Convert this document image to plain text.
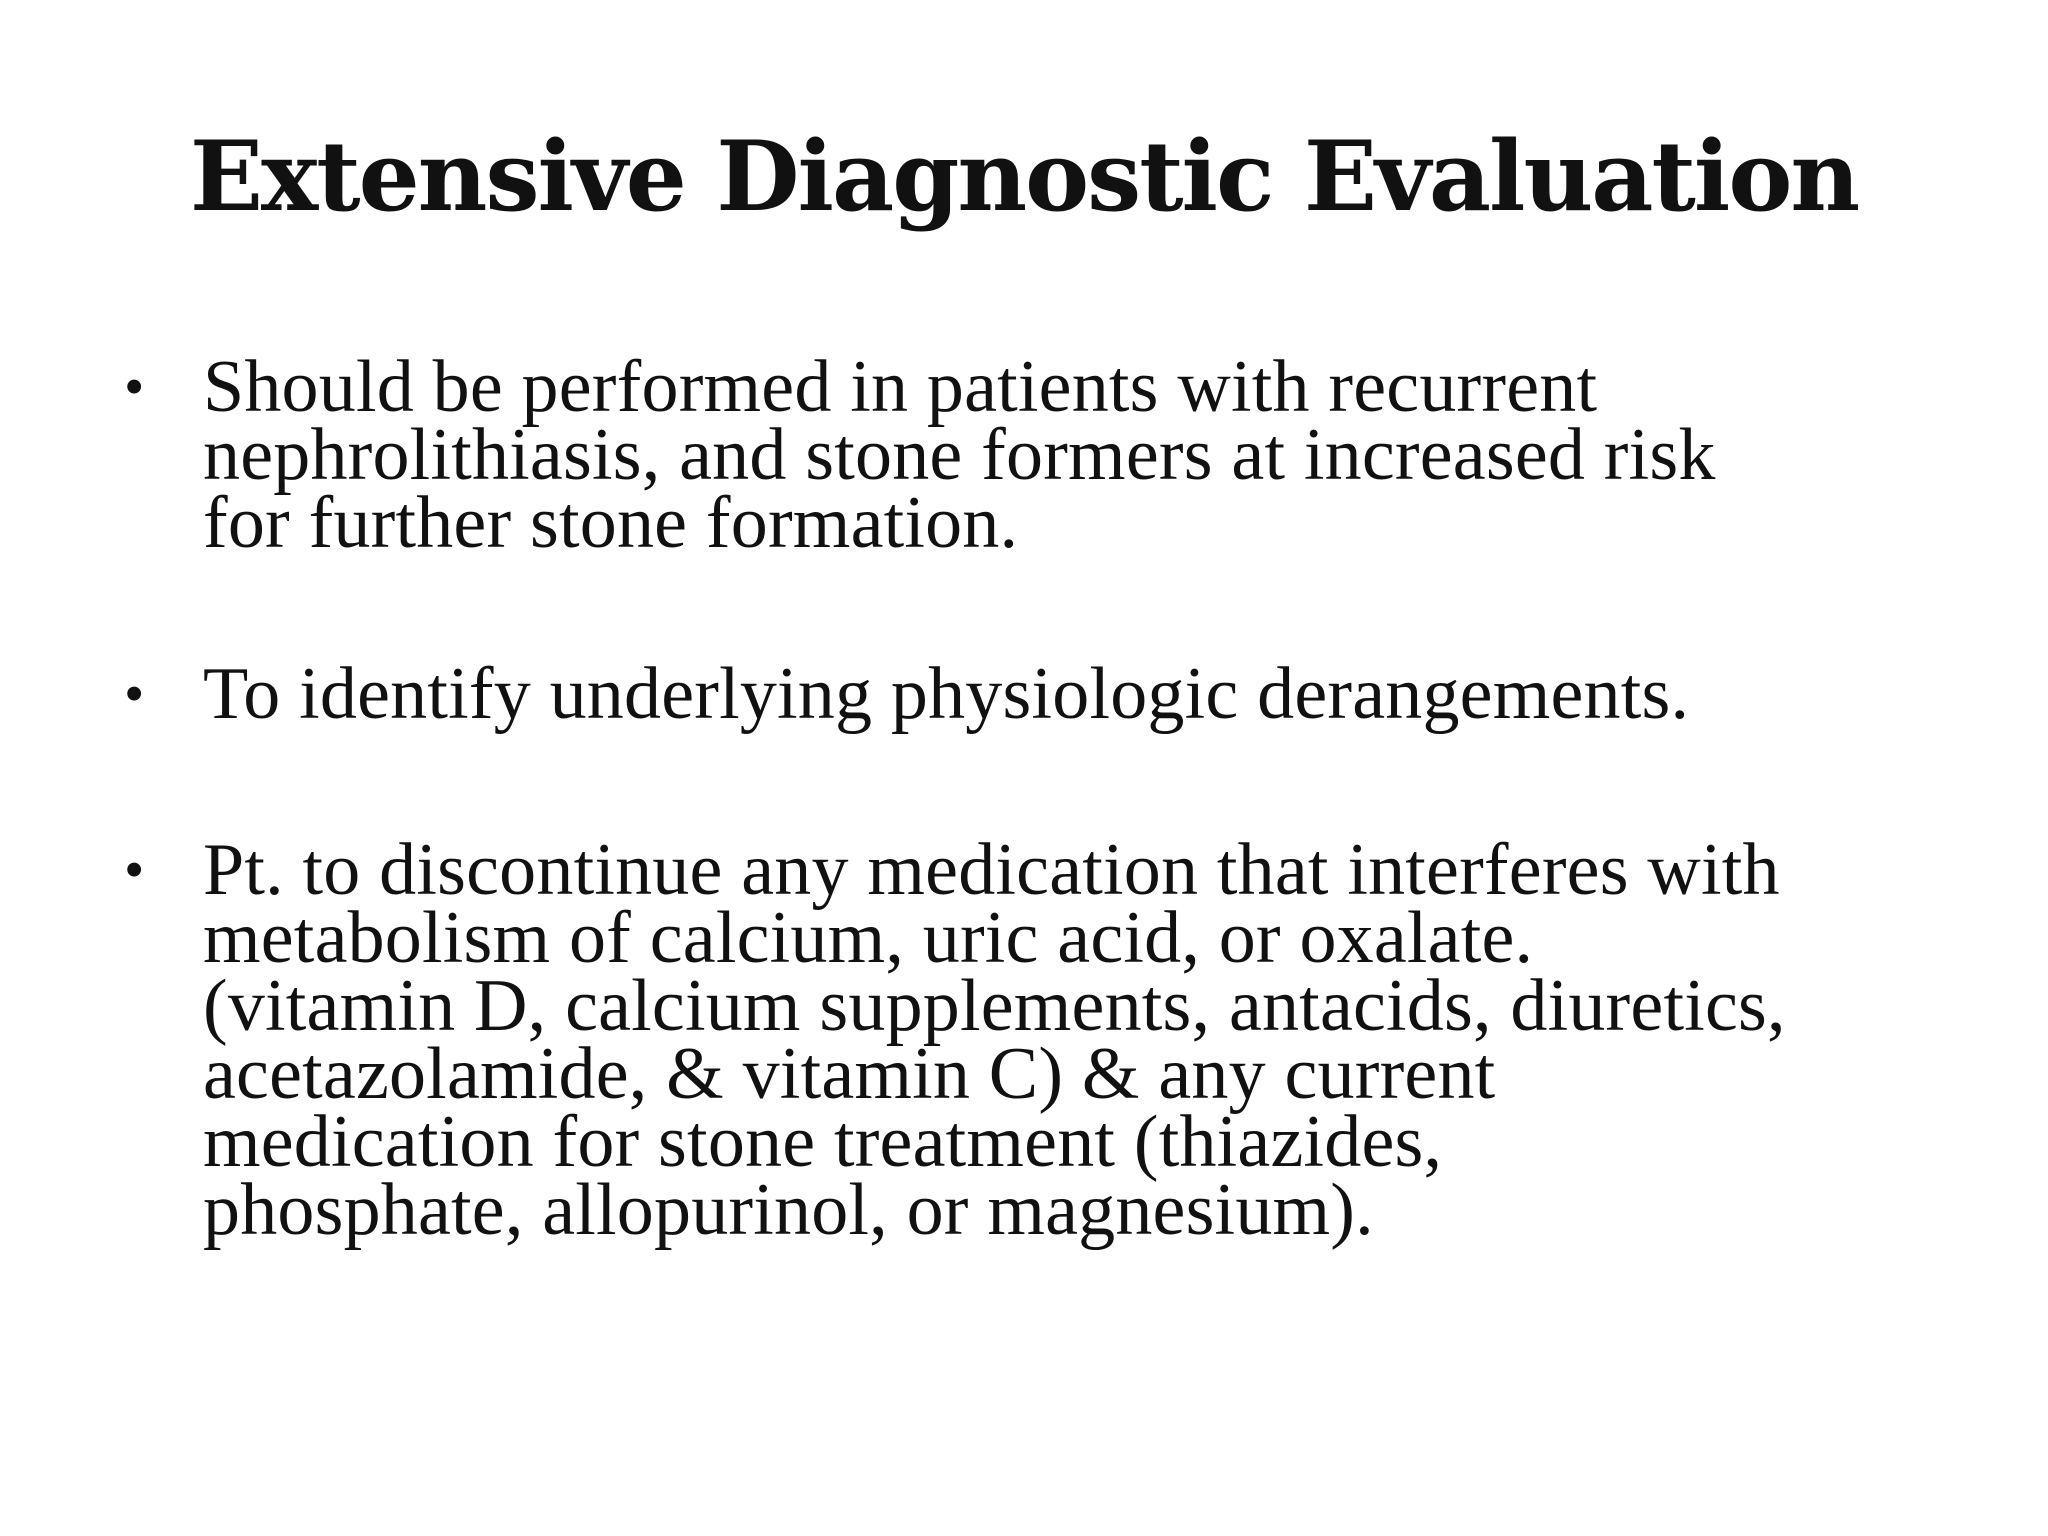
Extensive Diagnostic Evaluation
• Should be performed in patients with recurrent
nephrolithiasis, and stone formers at increased risk
for further stone formation.

• To identify underlying physiologic derangements.

• Pt. to discontinue any medication that interferes with
metabolism of calcium, uric acid, or oxalate.
(vitamin D, calcium supplements, antacids, diuretics,
acetazolamide, & vitamin C) & any current
medication for stone treatment (thiazides,
phosphate, allopurinol, or magnesium).
